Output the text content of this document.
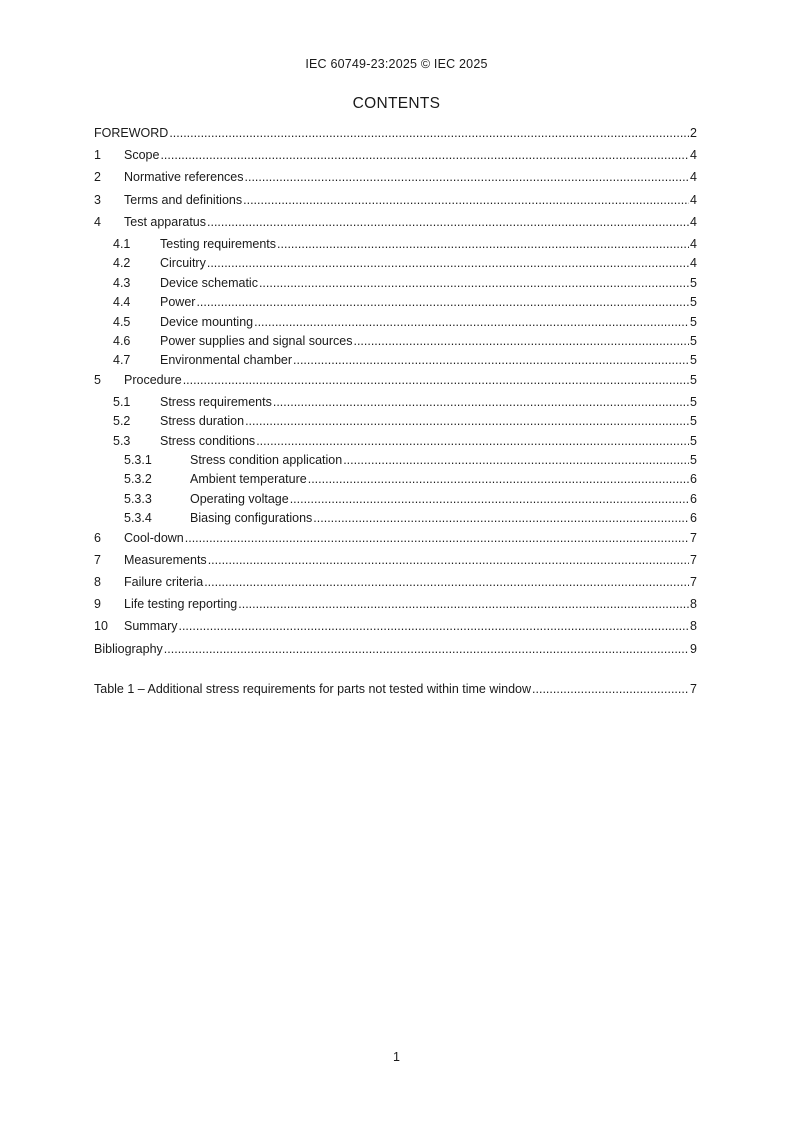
IEC 60749-23:2025 © IEC 2025
CONTENTS
FOREWORD .....	2
1	Scope .....	4
2	Normative references .....	4
3	Terms and definitions .....	4
4	Test apparatus .....	4
4.1	Testing requirements .....	4
4.2	Circuitry .....	4
4.3	Device schematic .....	5
4.4	Power .....	5
4.5	Device mounting .....	5
4.6	Power supplies and signal sources .....	5
4.7	Environmental chamber .....	5
5	Procedure .....	5
5.1	Stress requirements .....	5
5.2	Stress duration .....	5
5.3	Stress conditions .....	5
5.3.1	Stress condition application .....	5
5.3.2	Ambient temperature .....	6
5.3.3	Operating voltage .....	6
5.3.4	Biasing configurations .....	6
6	Cool-down .....	7
7	Measurements .....	7
8	Failure criteria .....	7
9	Life testing reporting .....	8
10	Summary .....	8
Bibliography .....	9
Table 1 – Additional stress requirements for parts not tested within time window .....	7
1
